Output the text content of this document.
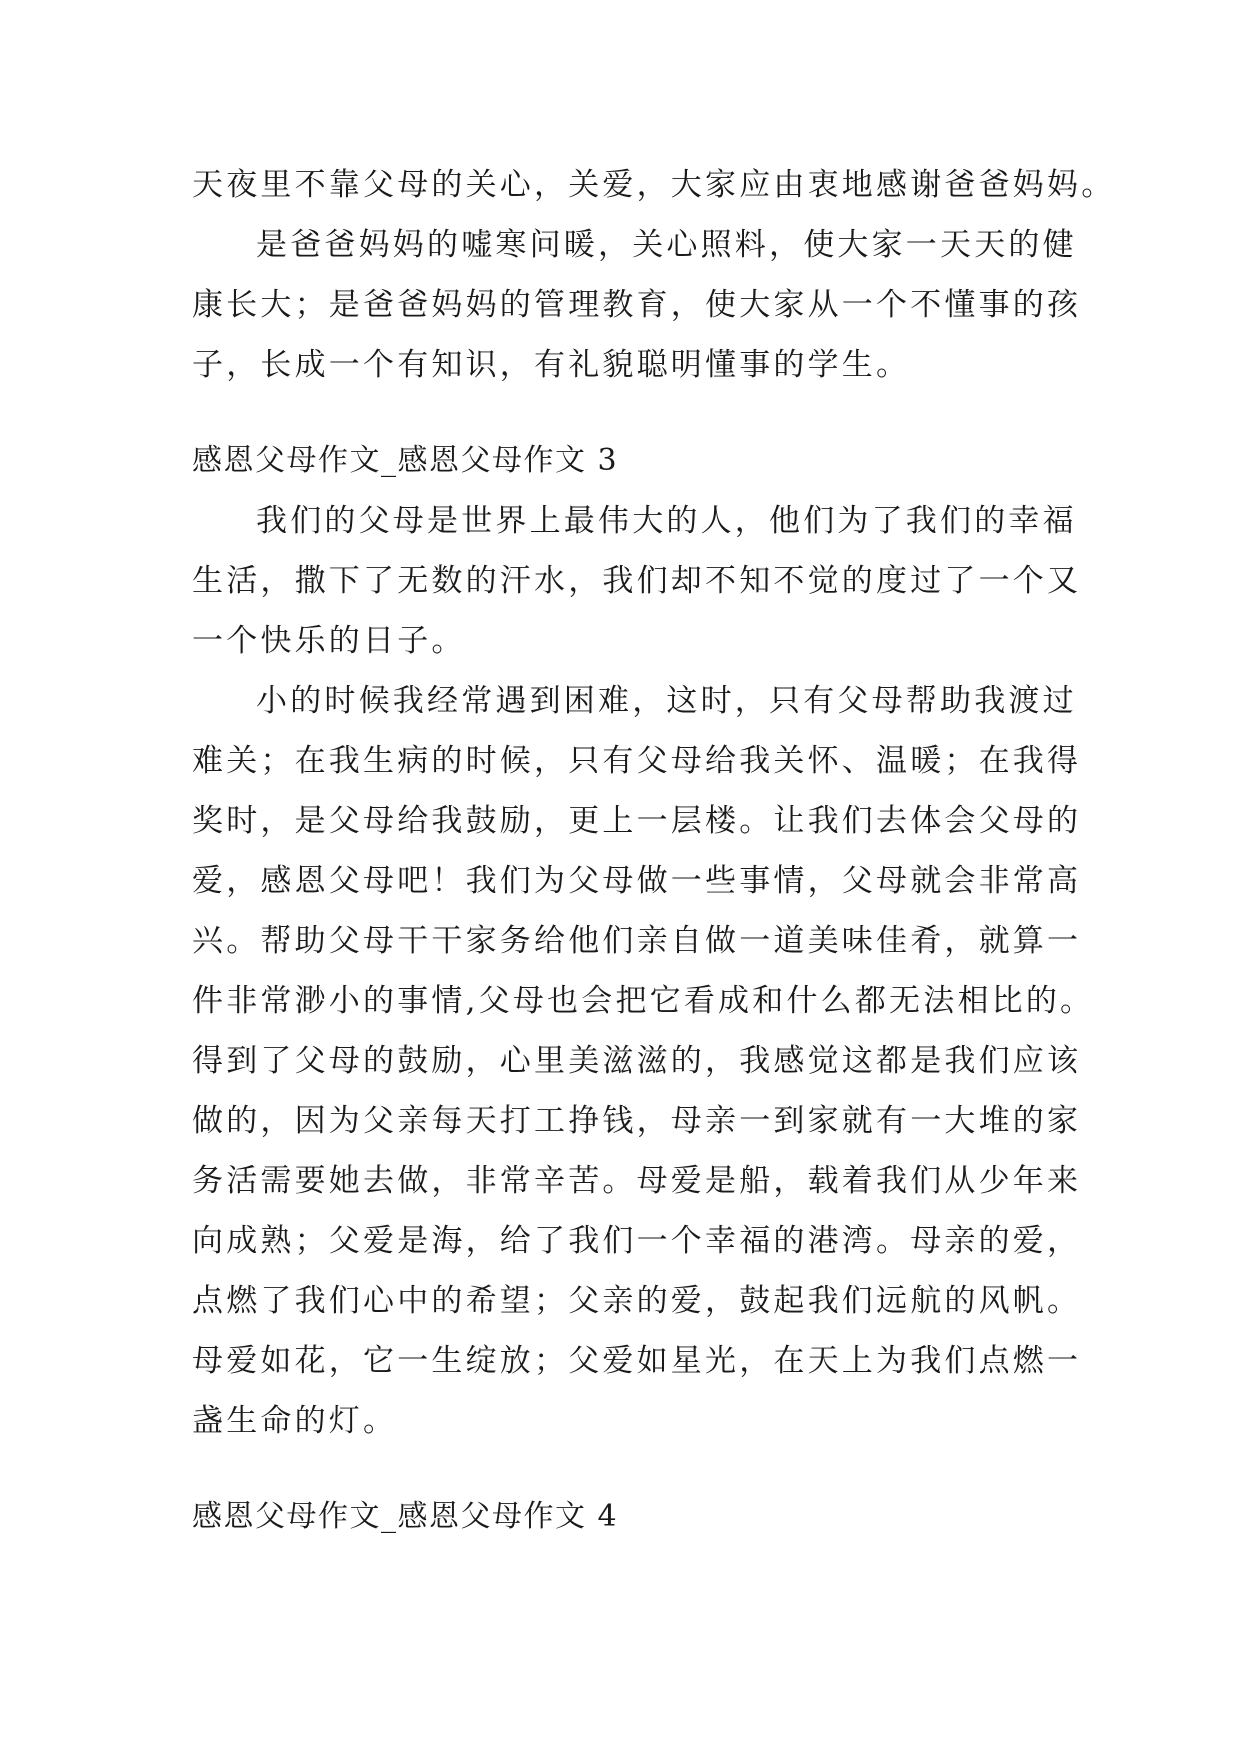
天夜里不靠父母的关心，关爱，大家应由衷地感谢爸爸妈妈。
是爸爸妈妈的嘘寒问暖，关心照料，使大家一天天的健
康长大；是爸爸妈妈的管理教育，使大家从一个不懂事的孩
子，长成一个有知识，有礼貌聪明懂事的学生。
感恩父母作文_感恩父母作文 3
我们的父母是世界上最伟大的人，他们为了我们的幸福
生活，撒下了无数的汗水，我们却不知不觉的度过了一个又
一个快乐的日子。
小的时候我经常遇到困难，这时，只有父母帮助我渡过
难关；在我生病的时候，只有父母给我关怀、温暖；在我得
奖时，是父母给我鼓励，更上一层楼。让我们去体会父母的
爱，感恩父母吧！我们为父母做一些事情，父母就会非常高
兴。帮助父母干干家务给他们亲自做一道美味佳肴，就算一
件非常渺小的事情,父母也会把它看成和什么都无法相比的。
得到了父母的鼓励，心里美滋滋的，我感觉这都是我们应该
做的，因为父亲每天打工挣钱，母亲一到家就有一大堆的家
务活需要她去做，非常辛苦。母爱是船，载着我们从少年来
向成熟；父爱是海，给了我们一个幸福的港湾。母亲的爱，
点燃了我们心中的希望；父亲的爱，鼓起我们远航的风帆。
母爱如花，它一生绽放；父爱如星光，在天上为我们点燃一
盏生命的灯。
感恩父母作文_感恩父母作文 4
